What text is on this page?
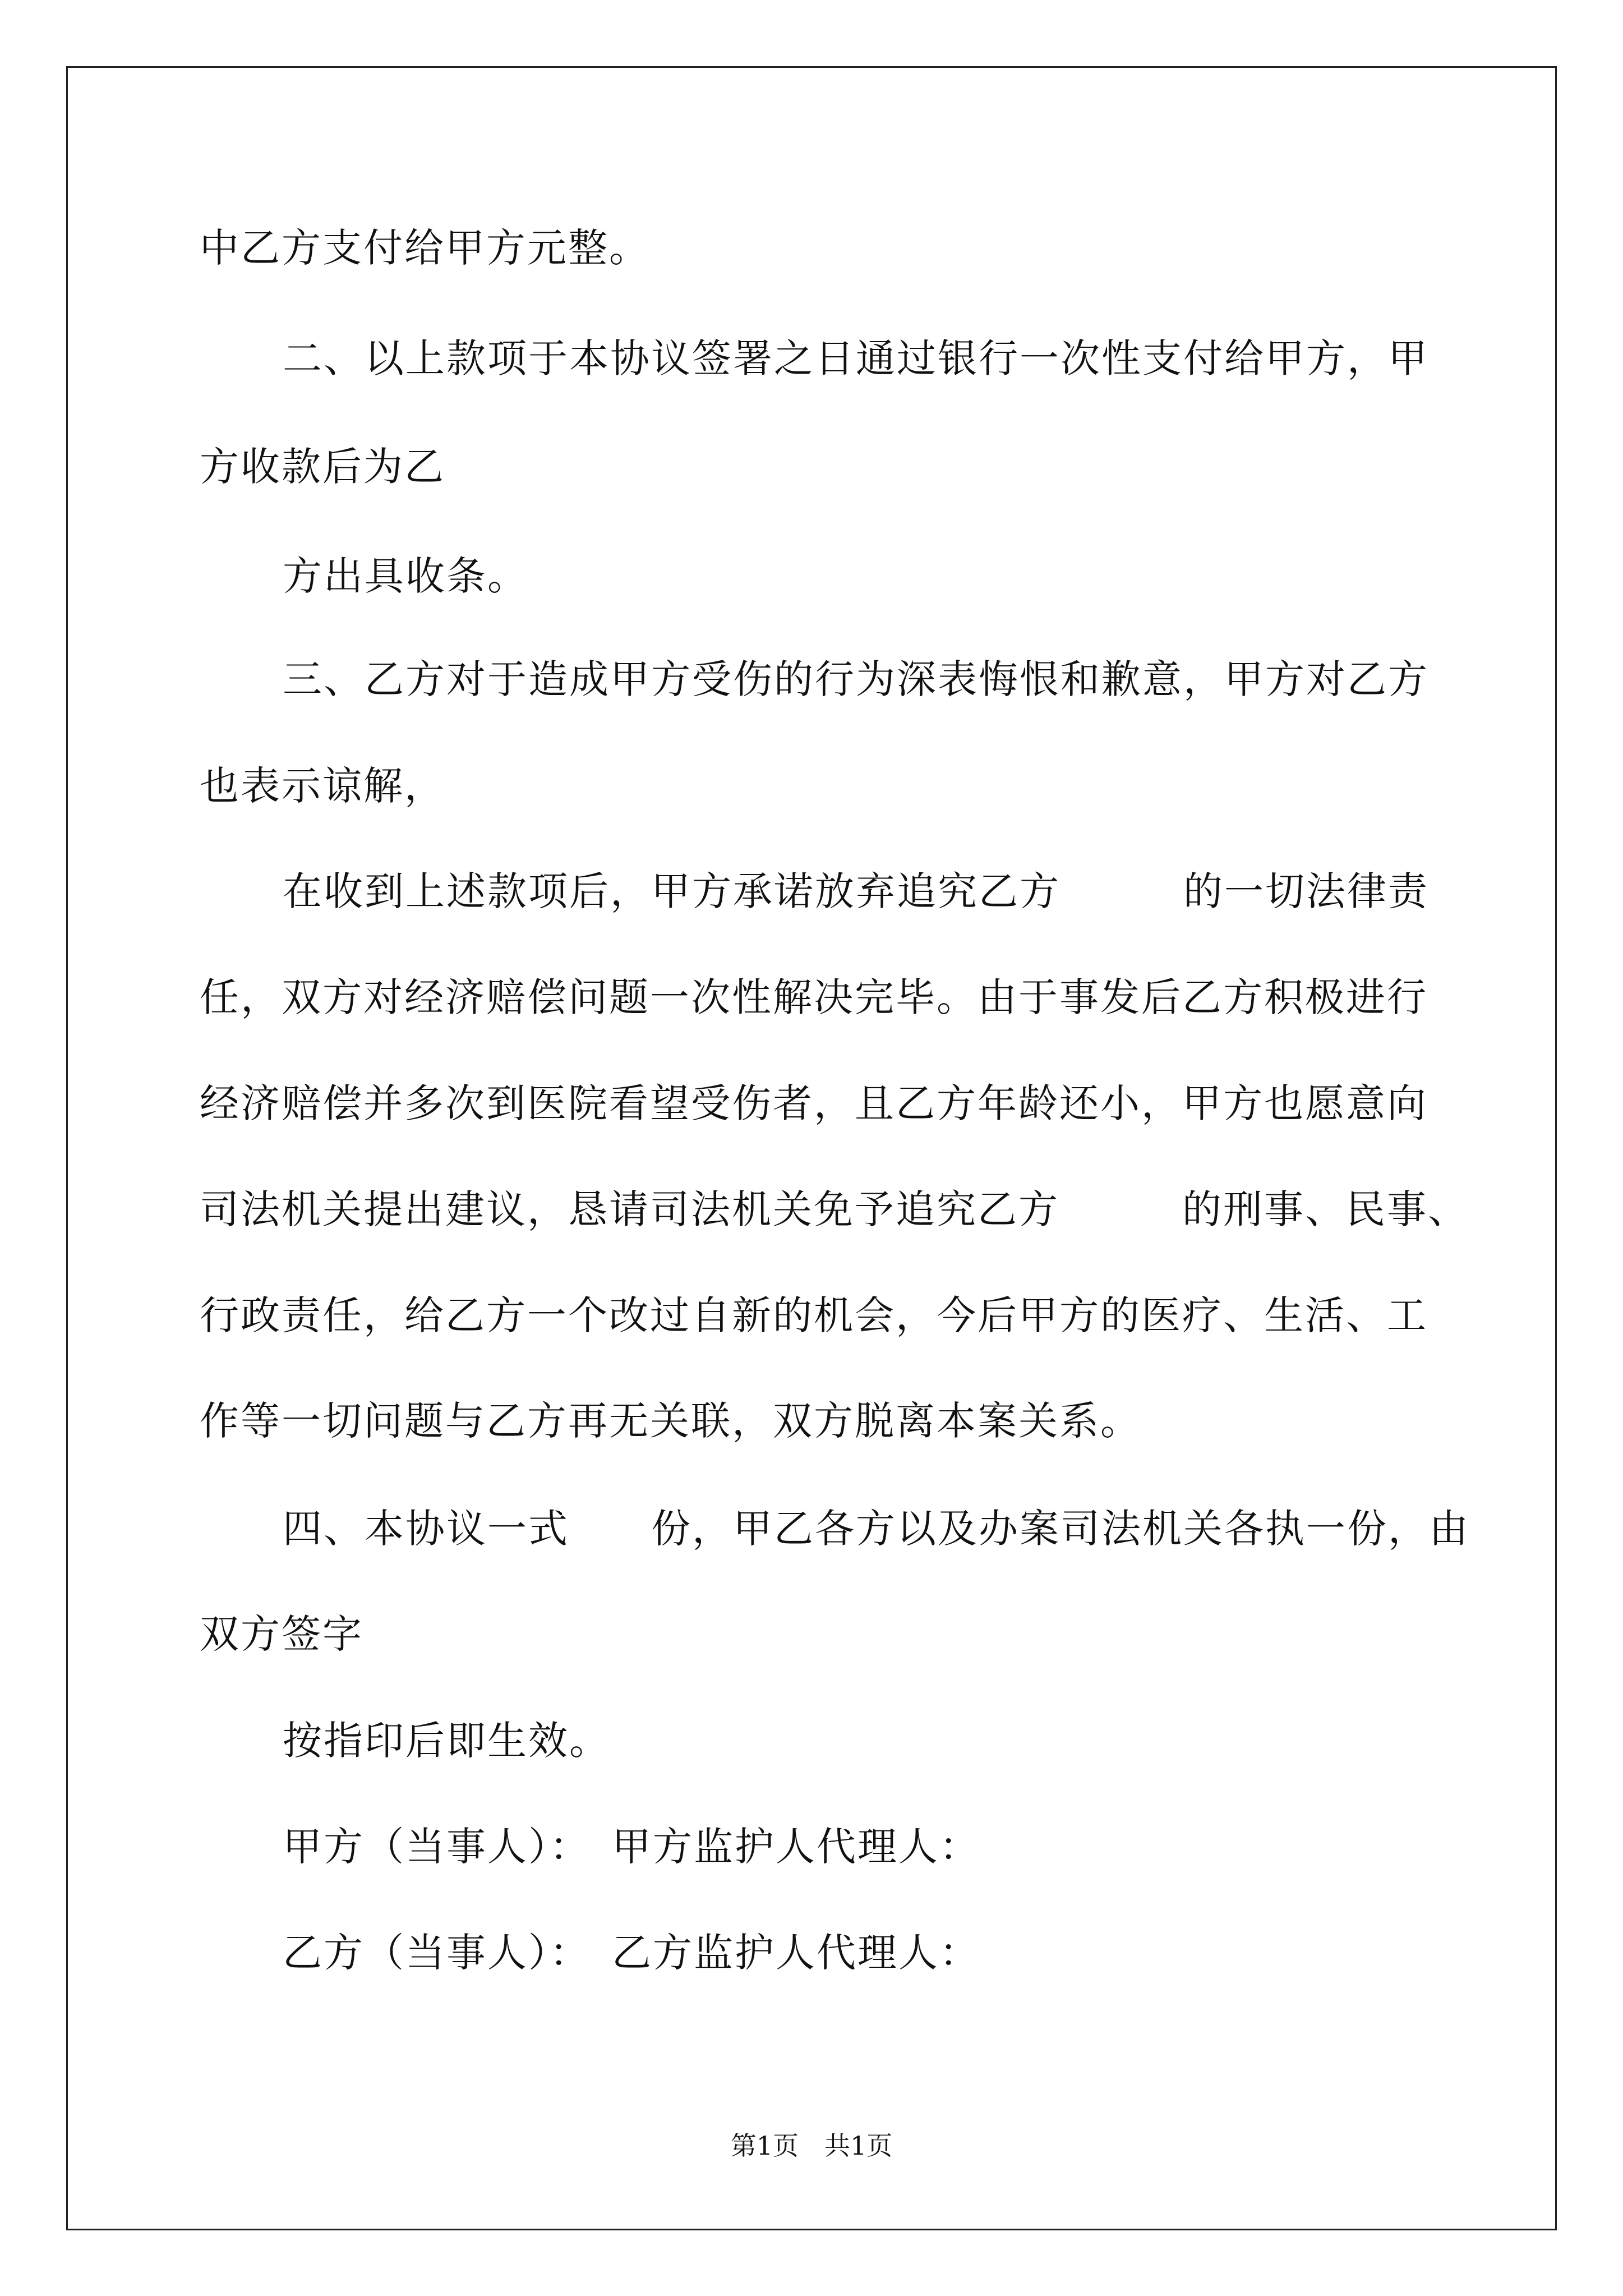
中乙方支付给甲方元整。
二、以上款项于本协议签署之日通过银行一次性支付给甲方，甲
方收款后为乙
方出具收条。
三、乙方对于造成甲方受伤的行为深表悔恨和歉意，甲方对乙方
也表示谅解，
在收到上述款项后，甲方承诺放弃追究乙方　　　的一切法律责
任，双方对经济赔偿问题一次性解决完毕。由于事发后乙方积极进行
经济赔偿并多次到医院看望受伤者，且乙方年龄还小，甲方也愿意向
司法机关提出建议，恳请司法机关免予追究乙方　　　的刑事、民事、
行政责任，给乙方一个改过自新的机会，今后甲方的医疗、生活、工
作等一切问题与乙方再无关联，双方脱离本案关系。
四、本协议一式　　份，甲乙各方以及办案司法机关各执一份，由
双方签字
按指印后即生效。
甲方（当事人）：　甲方监护人代理人：
乙方（当事人）：　乙方监护人代理人：
第1页　共1页
